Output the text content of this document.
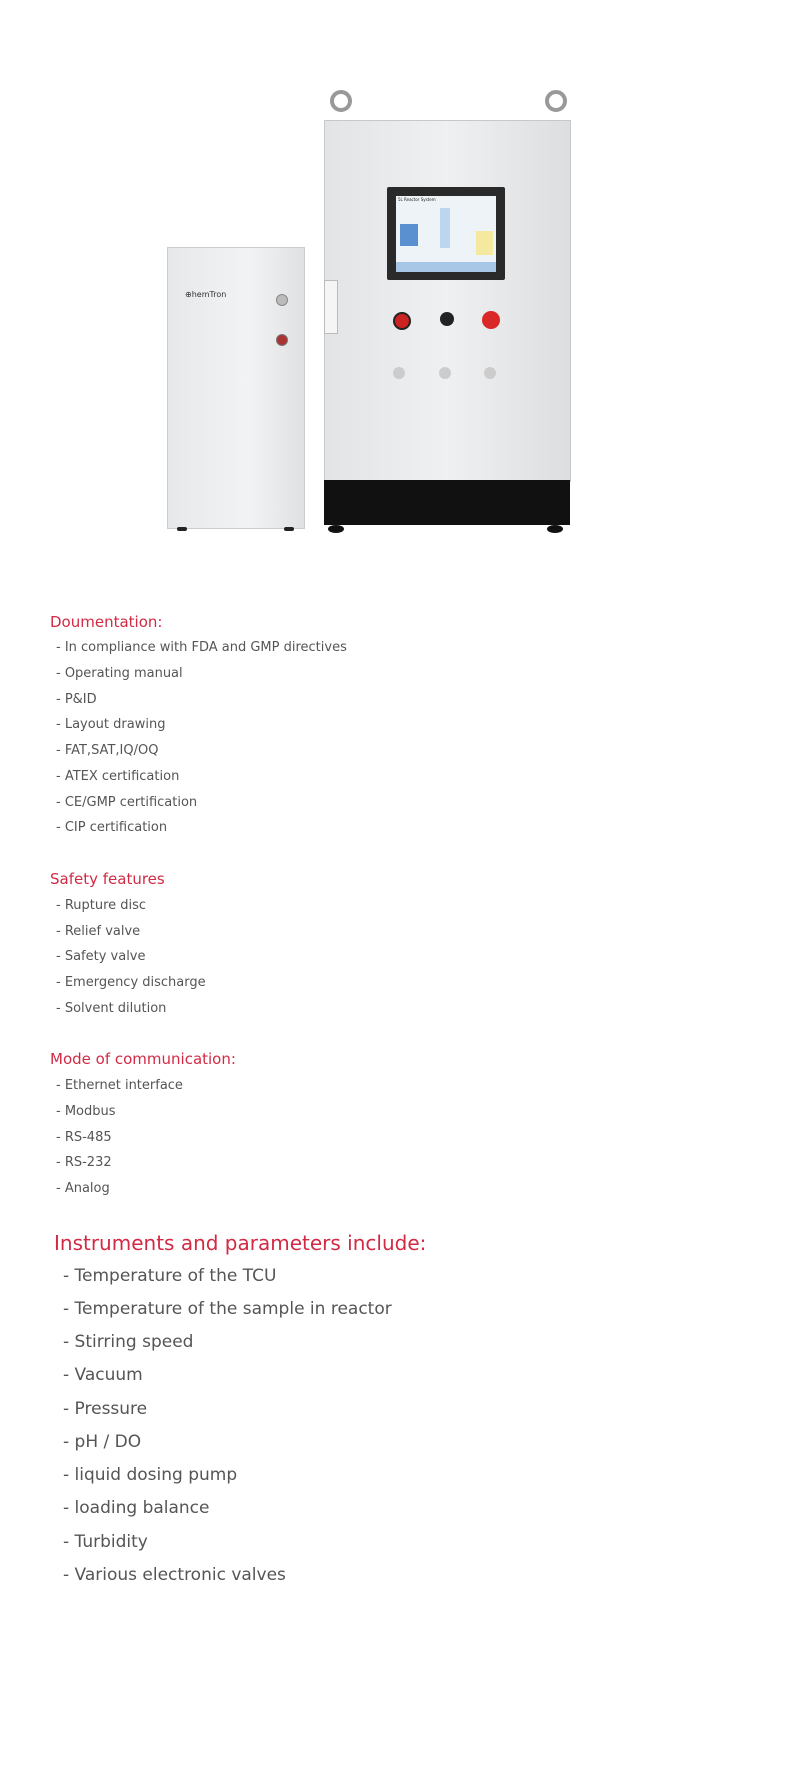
⊕hemTron
5L Reactor System
Doumentation:
- In compliance with FDA and GMP directives
- Operating manual
- P&ID
- Layout drawing
- FAT,SAT,IQ/OQ
- ATEX certification
- CE/GMP certification
- CIP certification
Safety features
- Rupture disc
- Relief valve
- Safety valve
- Emergency discharge
- Solvent dilution
Mode of communication:
- Ethernet interface
- Modbus
- RS-485
- RS-232
- Analog
Instruments and parameters include:
- Temperature of the TCU
- Temperature of the sample in reactor
- Stirring speed
- Vacuum
- Pressure
- pH / DO
- liquid dosing pump
- loading balance
- Turbidity
- Various electronic valves
